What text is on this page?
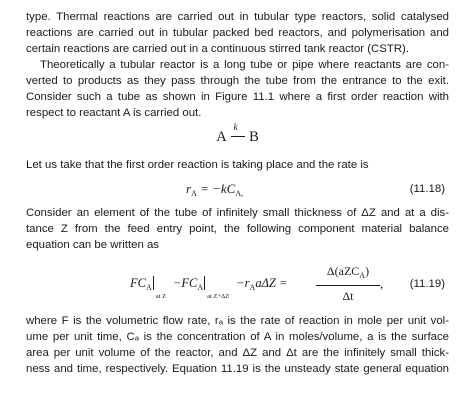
type. Thermal reactions are carried out in tubular type reactors, solid catalysed
reactions are carried out in tubular packed bed reactors, and polymerisation and
certain reactions are carried out in a continuous stirred tank reactor (CSTR).
Theoretically a tubular reactor is a long tube or pipe where reactants are con-
verted to products as they pass through the tube from the entrance to the exit.
Consider such a tube as shown in Figure 11.1 where a first order reaction with
respect to reactant A is carried out.
A
k
B
Let us take that the first order reaction is taking place and the rate is
$r_A = -kC_{A,}$	(11.18)
Consider an element of the tube of infinitely small thickness of ΔZ and at a dis-
tance Z from the feed entry point, the following component material balance
equation can be written as
$FC_A$
at Z
$-FC_A$
at Z+ΔZ
$-r_Aa\Delta Z$ =
Δ(aZC$_A$)
Δt
, (11.19)
where F is the volumetric flow rate, rₐ is the rate of reaction in mole per unit vol-
ume per unit time, Cₐ is the concentration of A in moles/volume, a is the surface
area per unit volume of the reactor, and ΔZ and Δt are the infinitely small thick-
ness and time, respectively. Equation 11.19 is the unsteady state general equation
